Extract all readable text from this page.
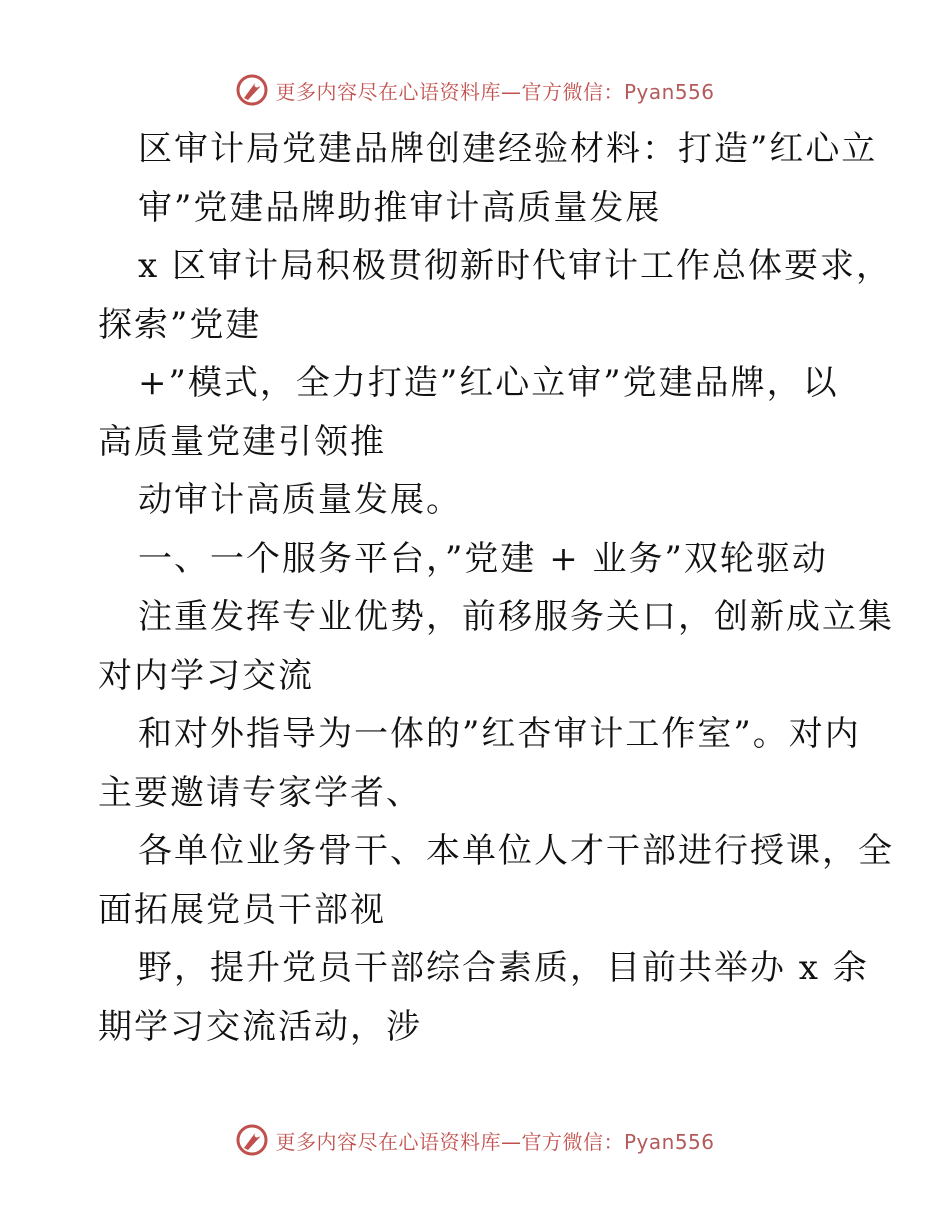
更多内容尽在心语资料库—官方微信：Pyan556
区审计局党建品牌创建经验材料：打造”红心立
审”党建品牌助推审计高质量发展
x 区审计局积极贯彻新时代审计工作总体要求，
探索”党建
+”模式，全力打造”红心立审”党建品牌，以
高质量党建引领推
动审计高质量发展。
一、一个服务平台，”党建 + 业务”双轮驱动
注重发挥专业优势，前移服务关口，创新成立集
对内学习交流
和对外指导为一体的”红杏审计工作室”。对内
主要邀请专家学者、
各单位业务骨干、本单位人才干部进行授课，全
面拓展党员干部视
野，提升党员干部综合素质，目前共举办 x 余
期学习交流活动，涉
更多内容尽在心语资料库—官方微信：Pyan556
